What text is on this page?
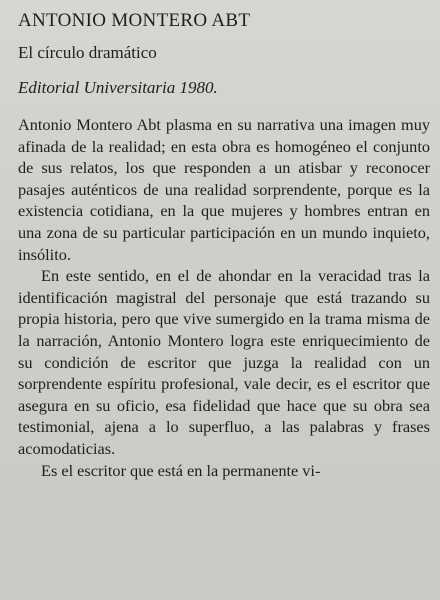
ANTONIO MONTERO ABT
El círculo dramático
Editorial Universitaria 1980.

Antonio Montero Abt plasma en su narrativa una imagen muy afinada de la realidad; en esta obra es homogéneo el conjunto de sus relatos, los que responden a un atisbar y reconocer pasajes auténticos de una realidad sorprendente, porque es la existencia cotidiana, en la que mujeres y hombres entran en una zona de su particular participación en un mundo inquieto, insólito.

En este sentido, en el de ahondar en la veracidad tras la identificación magistral del personaje que está trazando su propia historia, pero que vive sumergido en la trama misma de la narración, Antonio Montero logra este enriquecimiento de su condición de escritor que juzga la realidad con un sorprendente espíritu profesional, vale decir, es el escritor que asegura en su oficio, esa fidelidad que hace que su obra sea testimonial, ajena a lo superfluo, a las palabras y frases acomodaticias.

Es el escritor que está en la permanente vi-
